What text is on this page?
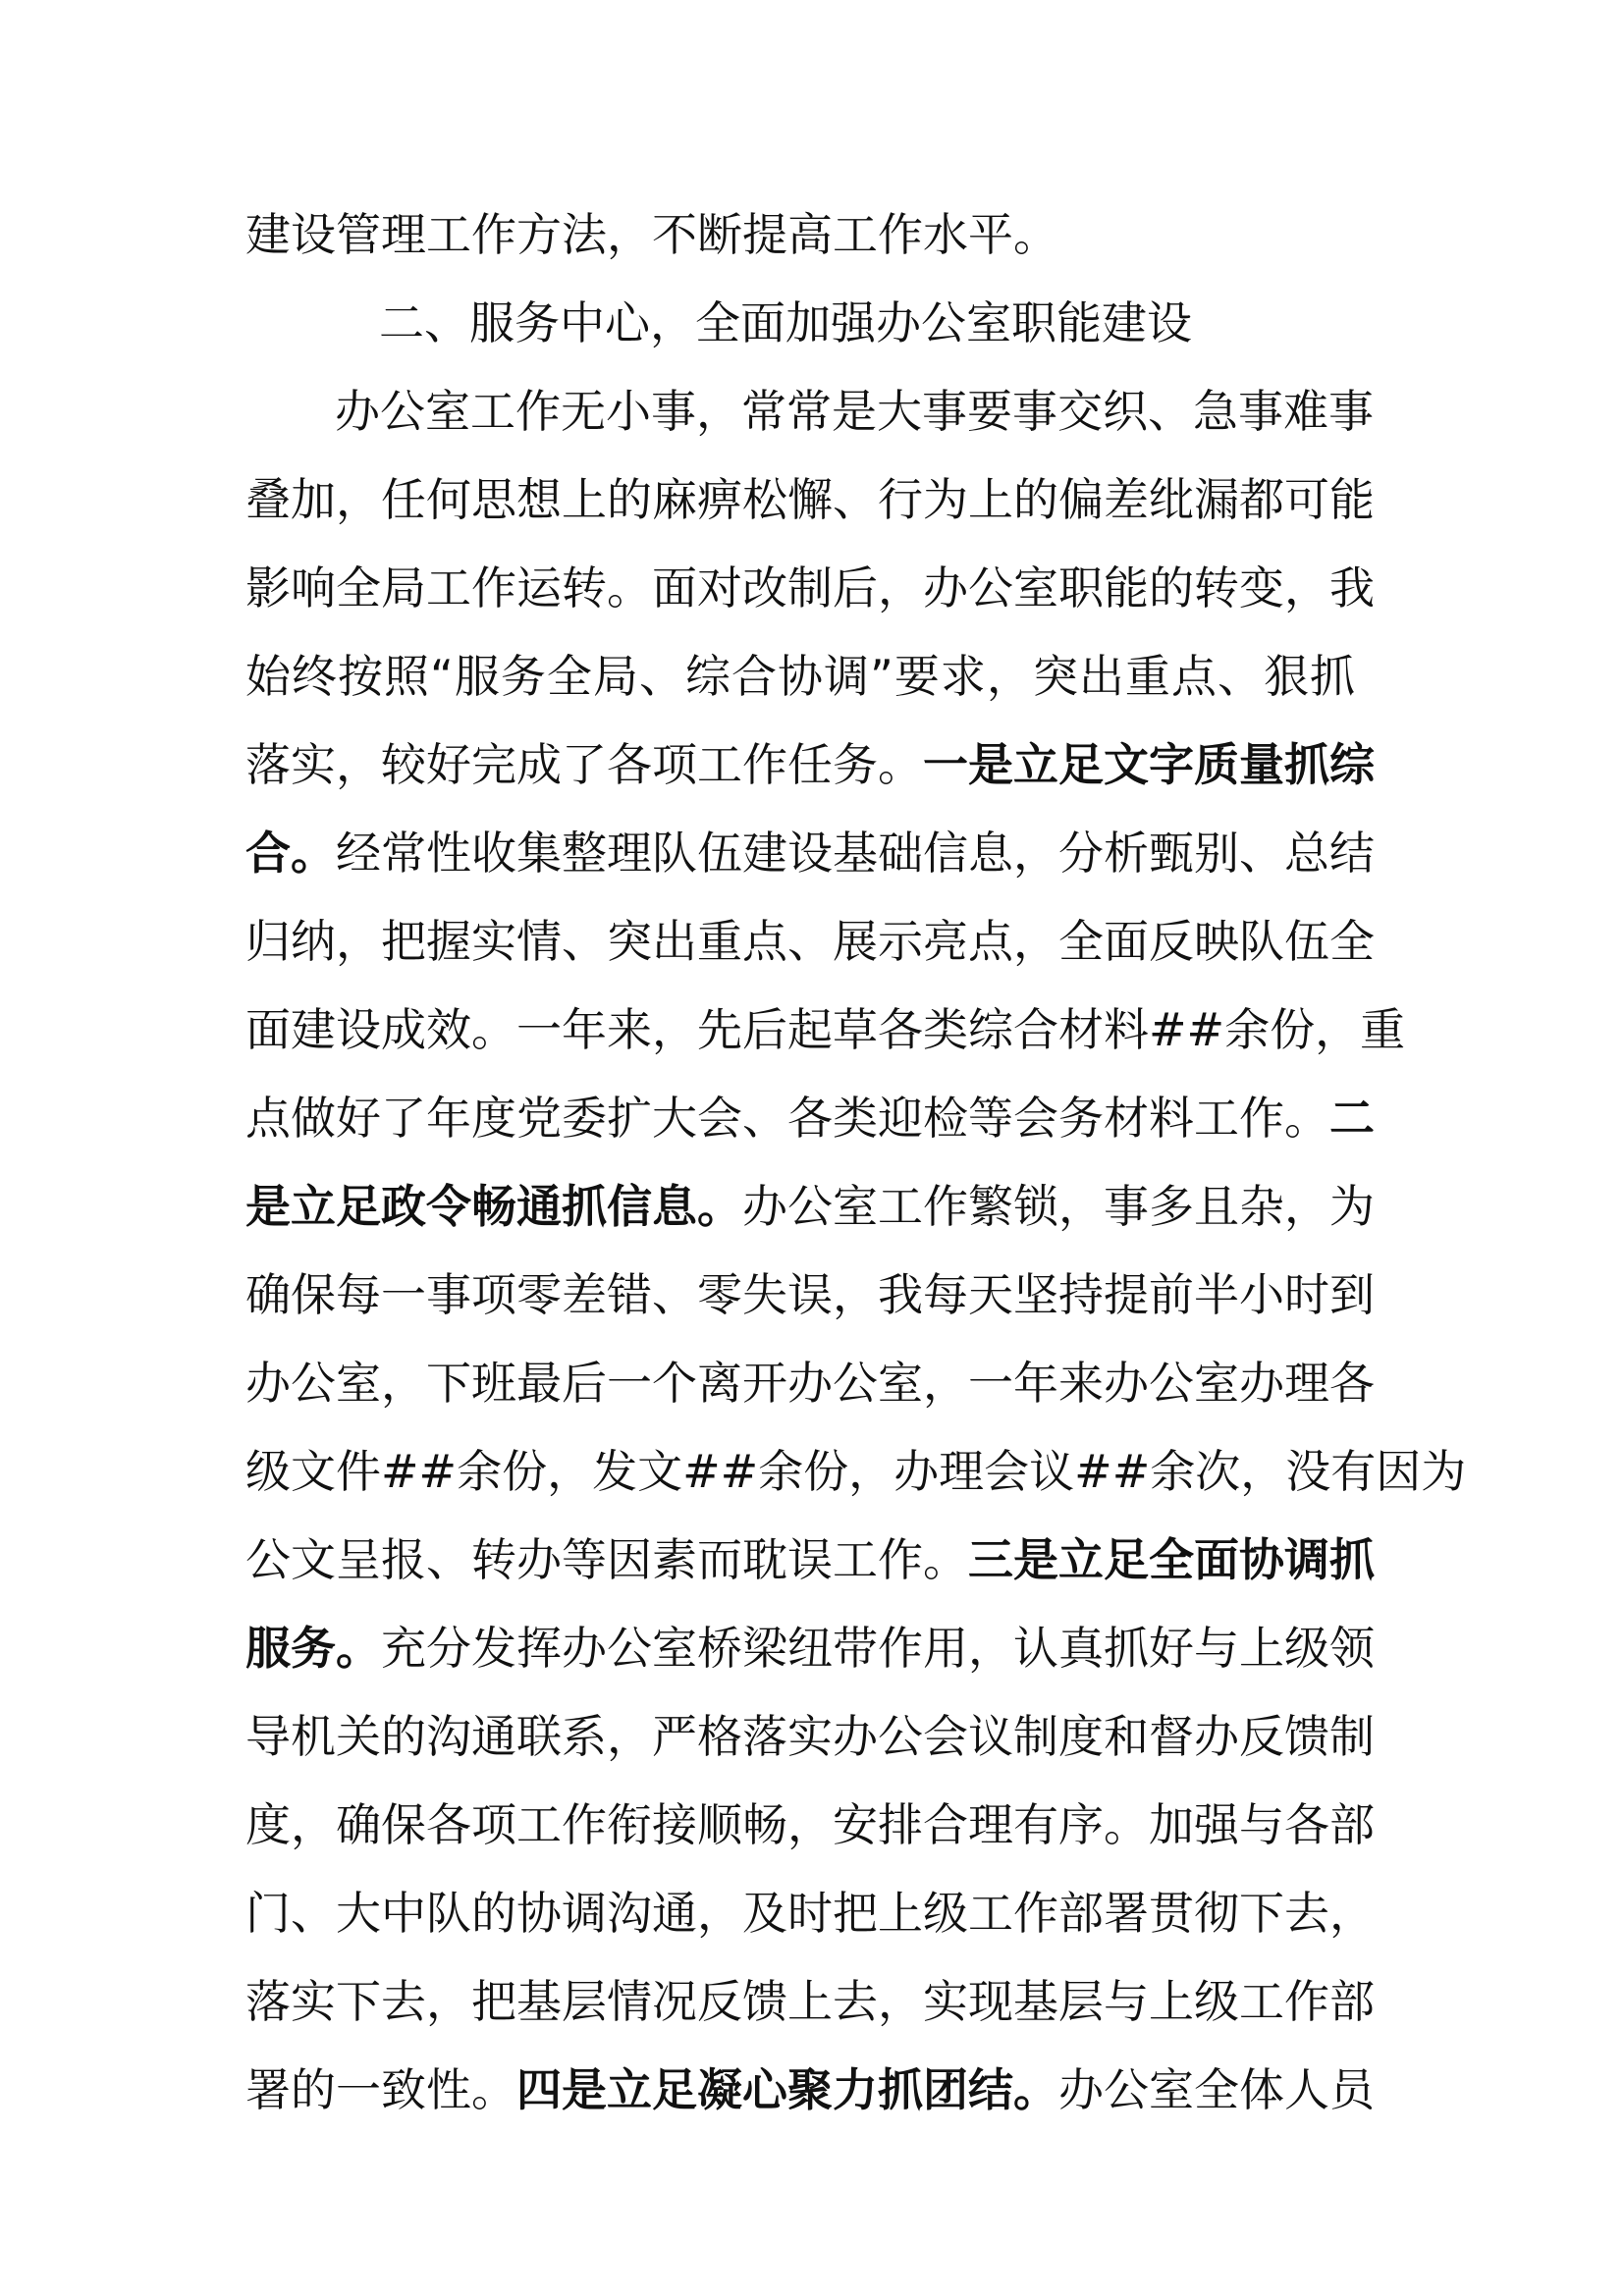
建设管理工作方法，不断提高工作水平。
二、服务中心，全面加强办公室职能建设
办公室工作无小事，常常是大事要事交织、急事难事
叠加，任何思想上的麻痹松懈、行为上的偏差纰漏都可能
影响全局工作运转。面对改制后，办公室职能的转变，我
始终按照“服务全局、综合协调”要求，突出重点、狠抓
落实，较好完成了各项工作任务。一是立足文字质量抓综
合。经常性收集整理队伍建设基础信息，分析甄别、总结
归纳，把握实情、突出重点、展示亮点，全面反映队伍全
面建设成效。一年来，先后起草各类综合材料##余份，重
点做好了年度党委扩大会、各类迎检等会务材料工作。二
是立足政令畅通抓信息。办公室工作繁锁，事多且杂，为
确保每一事项零差错、零失误，我每天坚持提前半小时到
办公室，下班最后一个离开办公室，一年来办公室办理各
级文件##余份，发文##余份，办理会议##余次，没有因为
公文呈报、转办等因素而耽误工作。三是立足全面协调抓
服务。充分发挥办公室桥梁纽带作用，认真抓好与上级领
导机关的沟通联系，严格落实办公会议制度和督办反馈制
度，确保各项工作衔接顺畅，安排合理有序。加强与各部
门、大中队的协调沟通，及时把上级工作部署贯彻下去，
落实下去，把基层情况反馈上去，实现基层与上级工作部
署的一致性。四是立足凝心聚力抓团结。办公室全体人员
